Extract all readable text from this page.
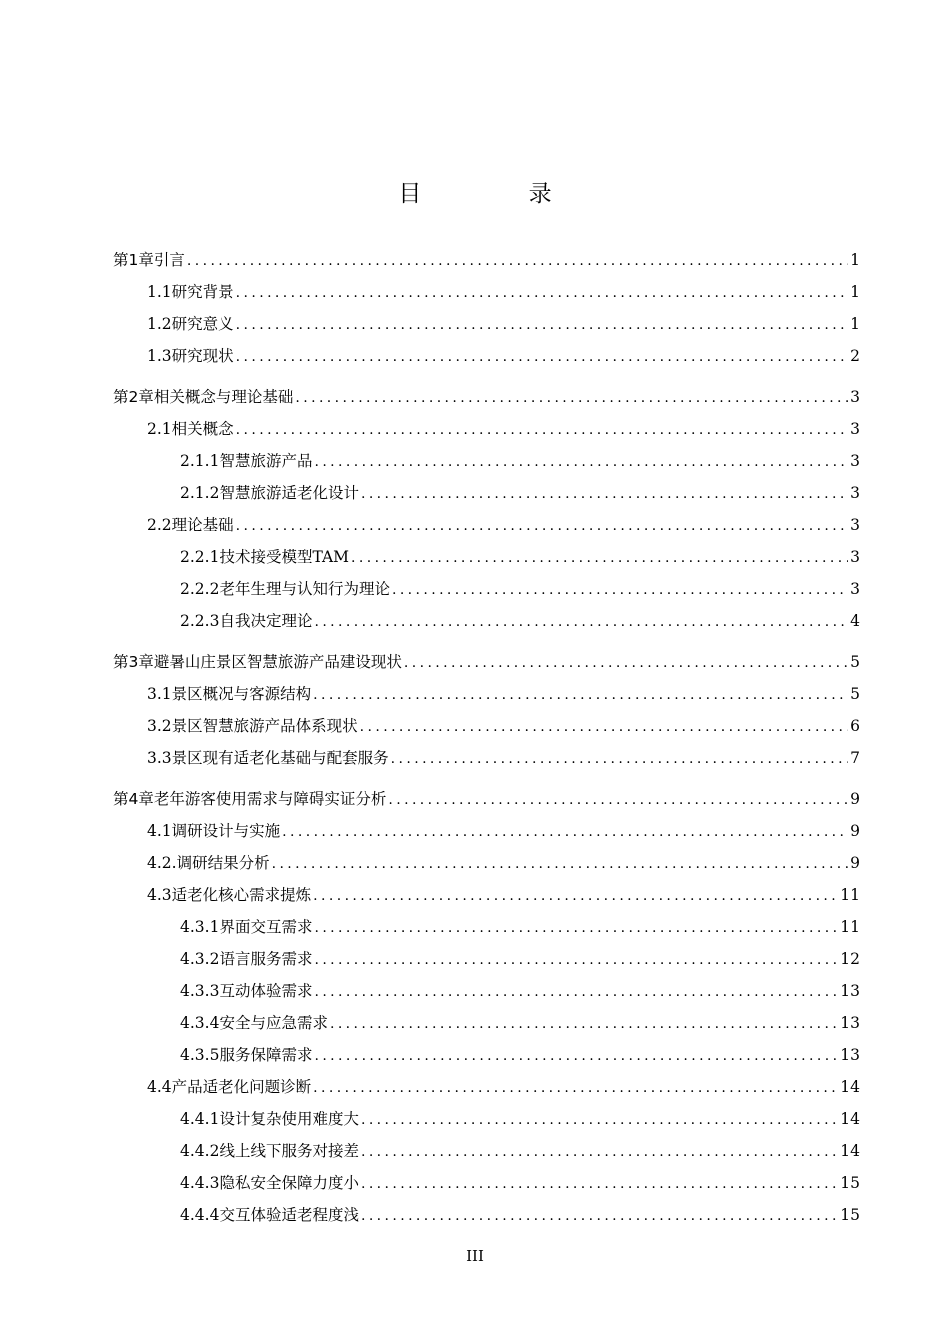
目 录
第1章 引言 .....	1
1.1 研究背景 .....	1
1.2 研究意义 .....	1
1.3 研究现状 .....	2
第2章 相关概念与理论基础 .....	3
2.1 相关概念 .....	3
2.1.1 智慧旅游产品 .....	3
2.1.2 智慧旅游适老化设计 .....	3
2.2 理论基础 .....	3
2.2.1 技术接受模型TAM .....	3
2.2.2 老年生理与认知行为理论 .....	3
2.2.3 自我决定理论 .....	4
第3章 避暑山庄景区智慧旅游产品建设现状 .....	5
3.1 景区概况与客源结构 .....	5
3.2 景区智慧旅游产品体系现状 .....	6
3.3 景区现有适老化基础与配套服务 .....	7
第4章 老年游客使用需求与障碍实证分析 .....	9
4.1 调研设计与实施 .....	9
4.2. 调研结果分析 .....	9
4.3 适老化核心需求提炼 .....	11
4.3.1 界面交互需求 .....	11
4.3.2 语言服务需求 .....	12
4.3.3 互动体验需求 .....	13
4.3.4 安全与应急需求 .....	13
4.3.5 服务保障需求 .....	13
4.4 产品适老化问题诊断 .....	14
4.4.1 设计复杂使用难度大 .....	14
4.4.2 线上线下服务对接差 .....	14
4.4.3 隐私安全保障力度小 .....	15
4.4.4 交互体验适老程度浅 .....	15
III
